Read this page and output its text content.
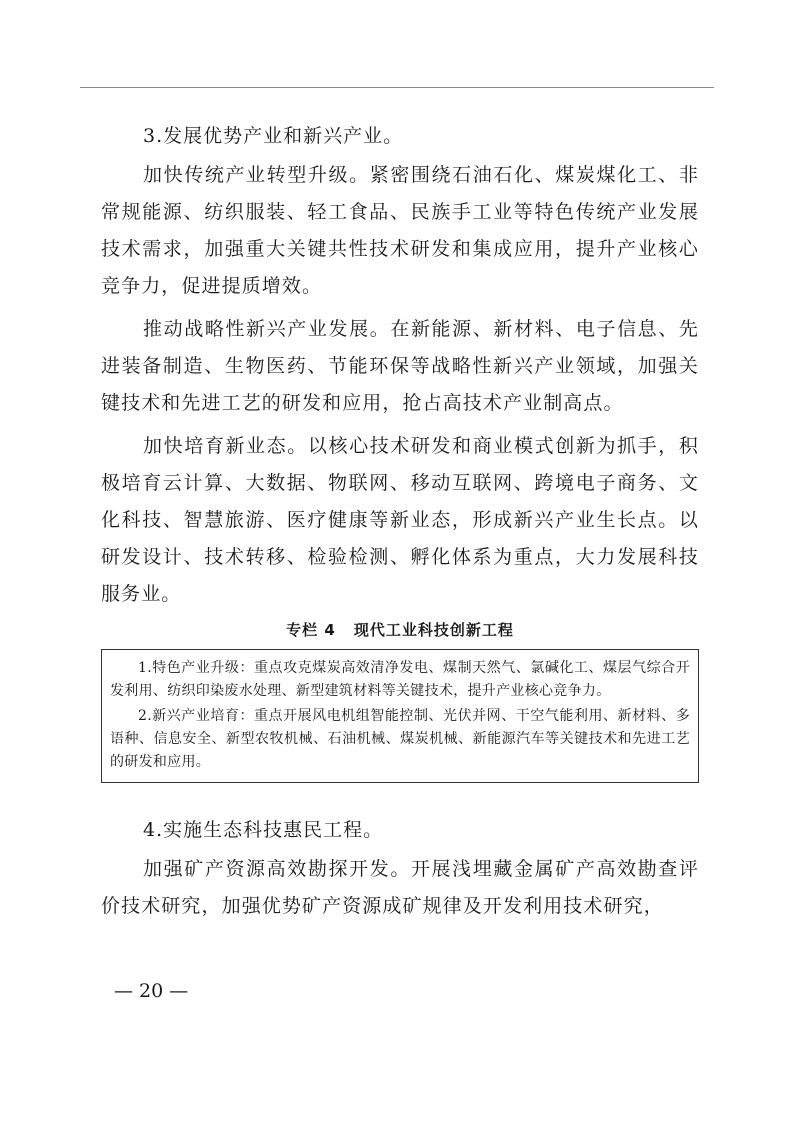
3.发展优势产业和新兴产业。

加快传统产业转型升级。紧密围绕石油石化、煤炭煤化工、非常规能源、纺织服装、轻工食品、民族手工业等特色传统产业发展技术需求，加强重大关键共性技术研发和集成应用，提升产业核心竞争力，促进提质增效。

推动战略性新兴产业发展。在新能源、新材料、电子信息、先进装备制造、生物医药、节能环保等战略性新兴产业领域，加强关键技术和先进工艺的研发和应用，抢占高技术产业制高点。

加快培育新业态。以核心技术研发和商业模式创新为抓手，积极培育云计算、大数据、物联网、移动互联网、跨境电子商务、文化科技、智慧旅游、医疗健康等新业态，形成新兴产业生长点。以研发设计、技术转移、检验检测、孵化体系为重点，大力发展科技服务业。

专栏 4 现代工业科技创新工程

1.特色产业升级：重点攻克煤炭高效清净发电、煤制天然气、氯碱化工、煤层气综合开发利用、纺织印染废水处理、新型建筑材料等关键技术，提升产业核心竞争力。

2.新兴产业培育：重点开展风电机组智能控制、光伏并网、干空气能利用、新材料、多语种、信息安全、新型农牧机械、石油机械、煤炭机械、新能源汽车等关键技术和先进工艺的研发和应用。

4.实施生态科技惠民工程。

加强矿产资源高效勘探开发。开展浅埋藏金属矿产高效勘查评价技术研究，加强优势矿产资源成矿规律及开发利用技术研究，

— 20 —
